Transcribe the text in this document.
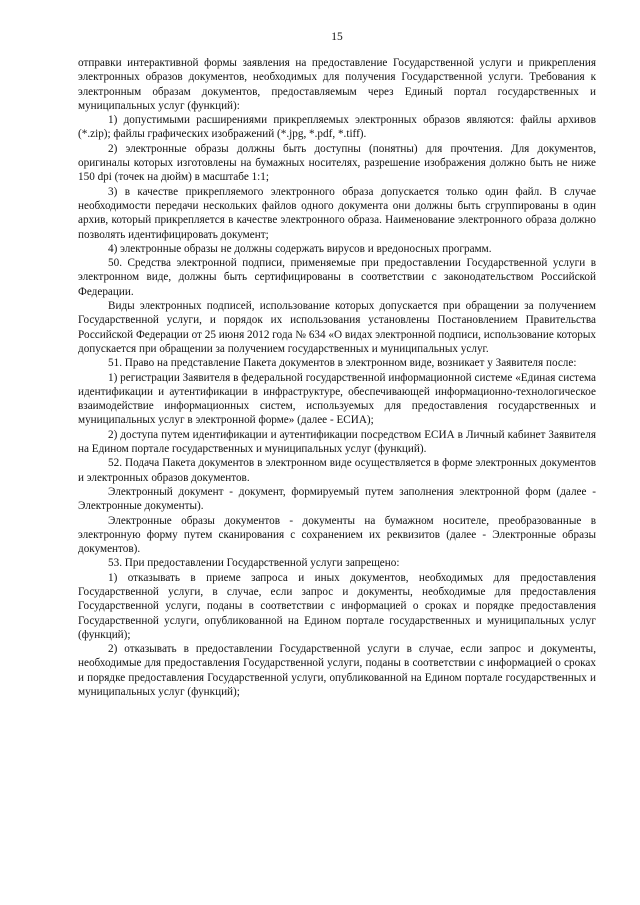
15

отправки интерактивной формы заявления на предоставление Государственной услуги и прикрепления электронных образов документов, необходимых для получения Государственной услуги. Требования к электронным образам документов, предоставляемым через Единый портал государственных и муниципальных услуг (функций):

1) допустимыми расширениями прикрепляемых электронных образов являются: файлы архивов (*.zip); файлы графических изображений (*.jpg, *.pdf, *.tiff).

2) электронные образы должны быть доступны (понятны) для прочтения. Для документов, оригиналы которых изготовлены на бумажных носителях, разрешение изображения должно быть не ниже 150 dpi (точек на дюйм) в масштабе 1:1;

3) в качестве прикрепляемого электронного образа допускается только один файл. В случае необходимости передачи нескольких файлов одного документа они должны быть сгруппированы в один архив, который прикрепляется в качестве электронного образа. Наименование электронного образа должно позволять идентифицировать документ;

4) электронные образы не должны содержать вирусов и вредоносных программ.

50. Средства электронной подписи, применяемые при предоставлении Государственной услуги в электронном виде, должны быть сертифицированы в соответствии с законодательством Российской Федерации.

Виды электронных подписей, использование которых допускается при обращении за получением Государственной услуги, и порядок их использования установлены Постановлением Правительства Российской Федерации от 25 июня 2012 года № 634 «О видах электронной подписи, использование которых допускается при обращении за получением государственных и муниципальных услуг.

51. Право на представление Пакета документов в электронном виде, возникает у Заявителя после:

1) регистрации Заявителя в федеральной государственной информационной системе «Единая система идентификации и аутентификации в инфраструктуре, обеспечивающей информационно-технологическое взаимодействие информационных систем, используемых для предоставления государственных и муниципальных услуг в электронной форме» (далее - ЕСИА);

2) доступа путем идентификации и аутентификации посредством ЕСИА в Личный кабинет Заявителя на Едином портале государственных и муниципальных услуг (функций).

52. Подача Пакета документов в электронном виде осуществляется в форме электронных документов и электронных образов документов.

Электронный документ - документ, формируемый путем заполнения электронной форм (далее - Электронные документы).

Электронные образы документов - документы на бумажном носителе, преобразованные в электронную форму путем сканирования с сохранением их реквизитов (далее - Электронные образы документов).

53. При предоставлении Государственной услуги запрещено:

1) отказывать в приеме запроса и иных документов, необходимых для предоставления Государственной услуги, в случае, если запрос и документы, необходимые для предоставления Государственной услуги, поданы в соответствии с информацией о сроках и порядке предоставления Государственной услуги, опубликованной на Едином портале государственных и муниципальных услуг (функций);

2) отказывать в предоставлении Государственной услуги в случае, если запрос и документы, необходимые для предоставления Государственной услуги, поданы в соответствии с информацией о сроках и порядке предоставления Государственной услуги, опубликованной на Едином портале государственных и муниципальных услуг (функций);
